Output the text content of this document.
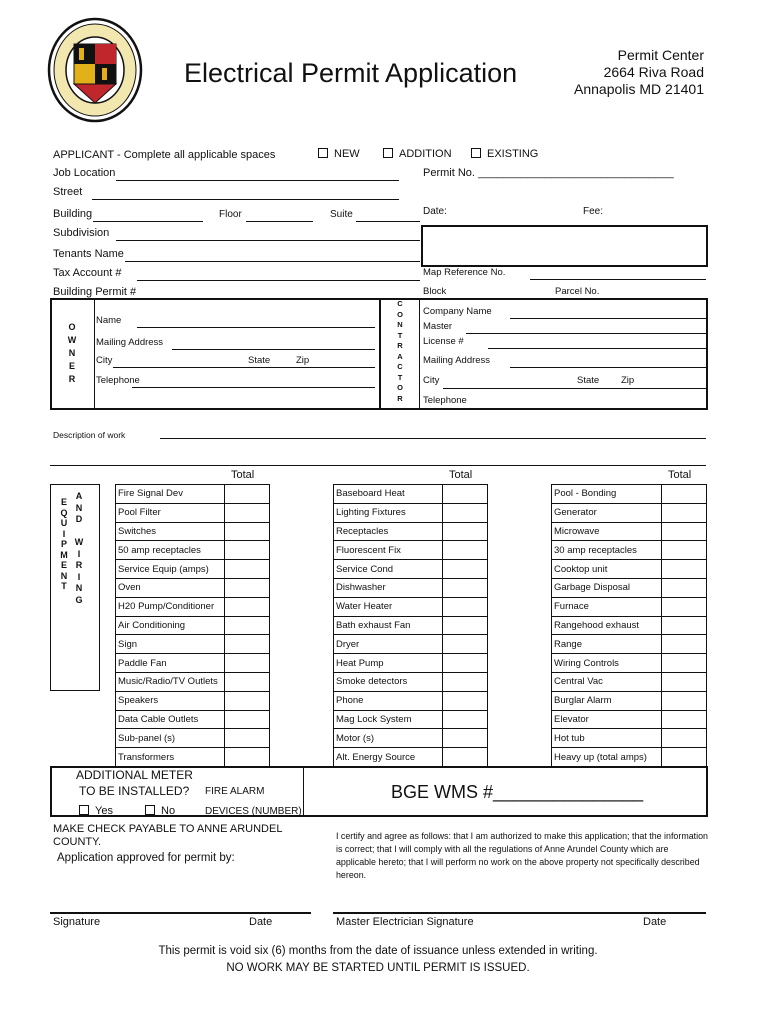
Electrical Permit Application
Permit Center
2664 Riva Road
Annapolis MD 21401
APPLICANT - Complete all applicable spaces	NEW	ADDITION	EXISTING
Job Location	Permit No. ________________________________
Street
Building	Floor	Suite	Date:	Fee:
Subdivision
Tenants Name
Tax Account #
Building Permit #
Map Reference No.
Block	Parcel No.
O
W
N
E
R
Name
Mailing Address
City	State	Zip
Telephone
C
O
N
T
R
A
C
T
O
R
Company Name
Master
License #
Mailing Address
City	State Zip
Telephone
Description of work
Total	Total	Total
E
Q
U
I
P
M
E
N
T
A
N
D
W
I
R
I
N
G
Fire Signal Dev	
Pool Filter	
Switches	
50 amp receptacles	
Service Equip (amps)	
Oven	
H20 Pump/Conditioner	
Air Conditioning	
Sign	
Paddle Fan	
Music/Radio/TV Outlets	
Speakers	
Data Cable Outlets	
Sub-panel (s)	
Transformers	
Baseboard Heat	
Lighting Fixtures	
Receptacles	
Fluorescent Fix	
Service Cond	
Dishwasher	
Water Heater	
Bath exhaust Fan	
Dryer	
Heat Pump	
Smoke detectors	
Phone	
Mag Lock System	
Motor (s)	
Alt. Energy Source	
Pool - Bonding	
Generator	
Microwave	
30 amp receptacles	
Cooktop unit	
Garbage Disposal	
Furnace	
Rangehood exhaust	
Range	
Wiring Controls	
Central Vac	
Burglar Alarm	
Elevator	
Hot tub	
Heavy up (total amps)	
ADDITIONAL METER
TO BE INSTALLED? FIRE ALARM
Yes	No	DEVICES (NUMBER)
BGE WMS #_______________
MAKE CHECK PAYABLE TO ANNE ARUNDEL COUNTY.
Application approved for permit by:
I certify and agree as follows: that I am authorized to make this application; that the information is correct; that I will comply with all the regulations of Anne Arundel County which are applicable hereto; that I will perform no work on the above property not specifically described hereon.
Signature	Date	Master Electrician Signature	Date
This permit is void six (6) months from the date of issuance unless extended in writing.
NO WORK MAY BE STARTED UNTIL PERMIT IS ISSUED.
